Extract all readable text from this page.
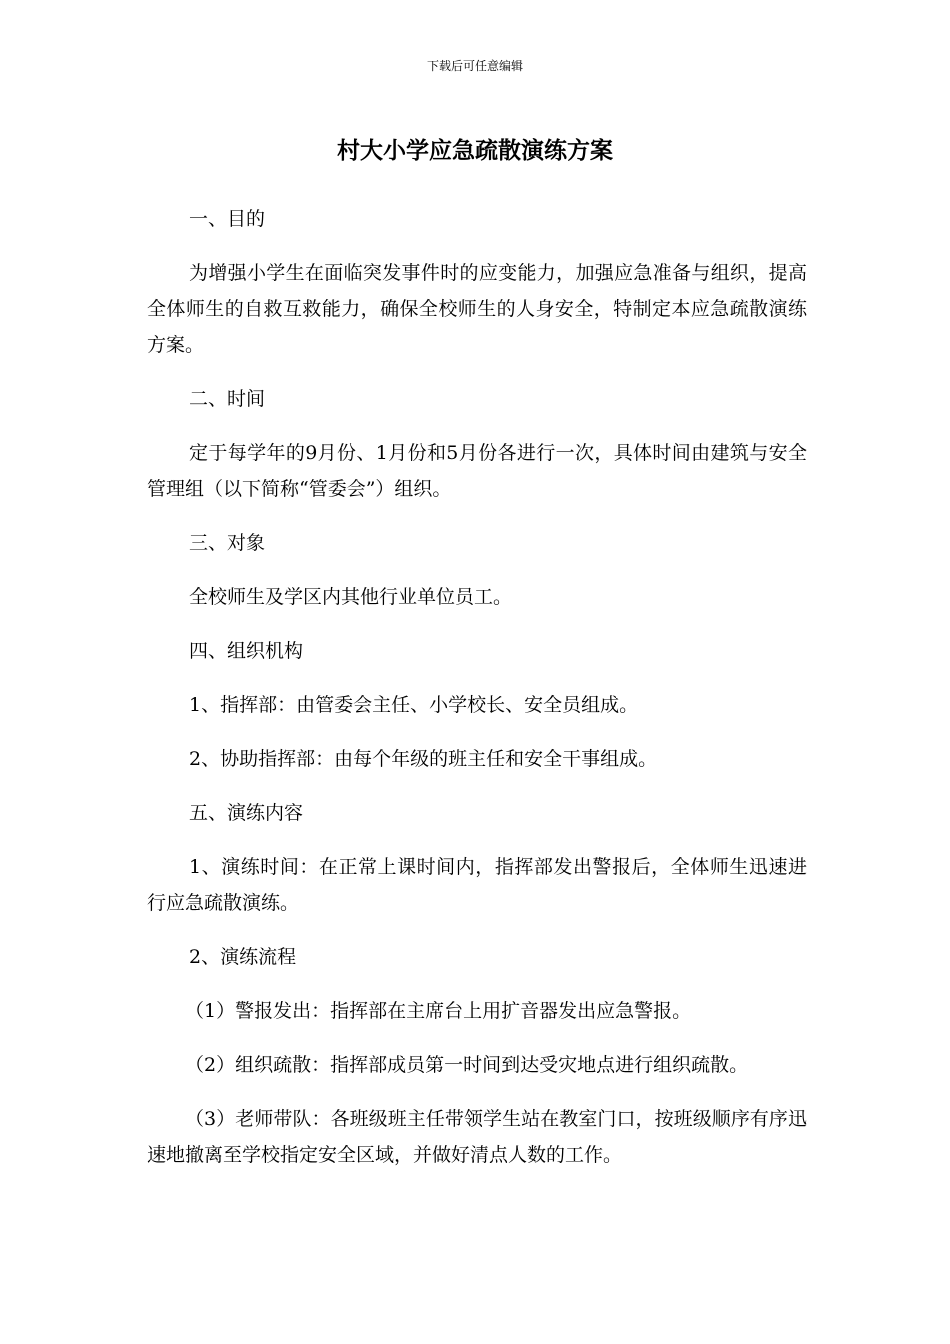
下载后可任意编辑
村大小学应急疏散演练方案

一、目的

为增强小学生在面临突发事件时的应变能力，加强应急准备与组织，提高全体师生的自救互救能力，确保全校师生的人身安全，特制定本应急疏散演练方案。

二、时间

定于每学年的9月份、1月份和5月份各进行一次，具体时间由建筑与安全管理组（以下简称“管委会”）组织。

三、对象

全校师生及学区内其他行业单位员工。

四、组织机构

1、指挥部：由管委会主任、小学校长、安全员组成。

2、协助指挥部：由每个年级的班主任和安全干事组成。

五、演练内容

1、演练时间：在正常上课时间内，指挥部发出警报后，全体师生迅速进行应急疏散演练。

2、演练流程

（1）警报发出：指挥部在主席台上用扩音器发出应急警报。

（2）组织疏散：指挥部成员第一时间到达受灾地点进行组织疏散。

（3）老师带队：各班级班主任带领学生站在教室门口，按班级顺序有序迅速地撤离至学校指定安全区域，并做好清点人数的工作。
